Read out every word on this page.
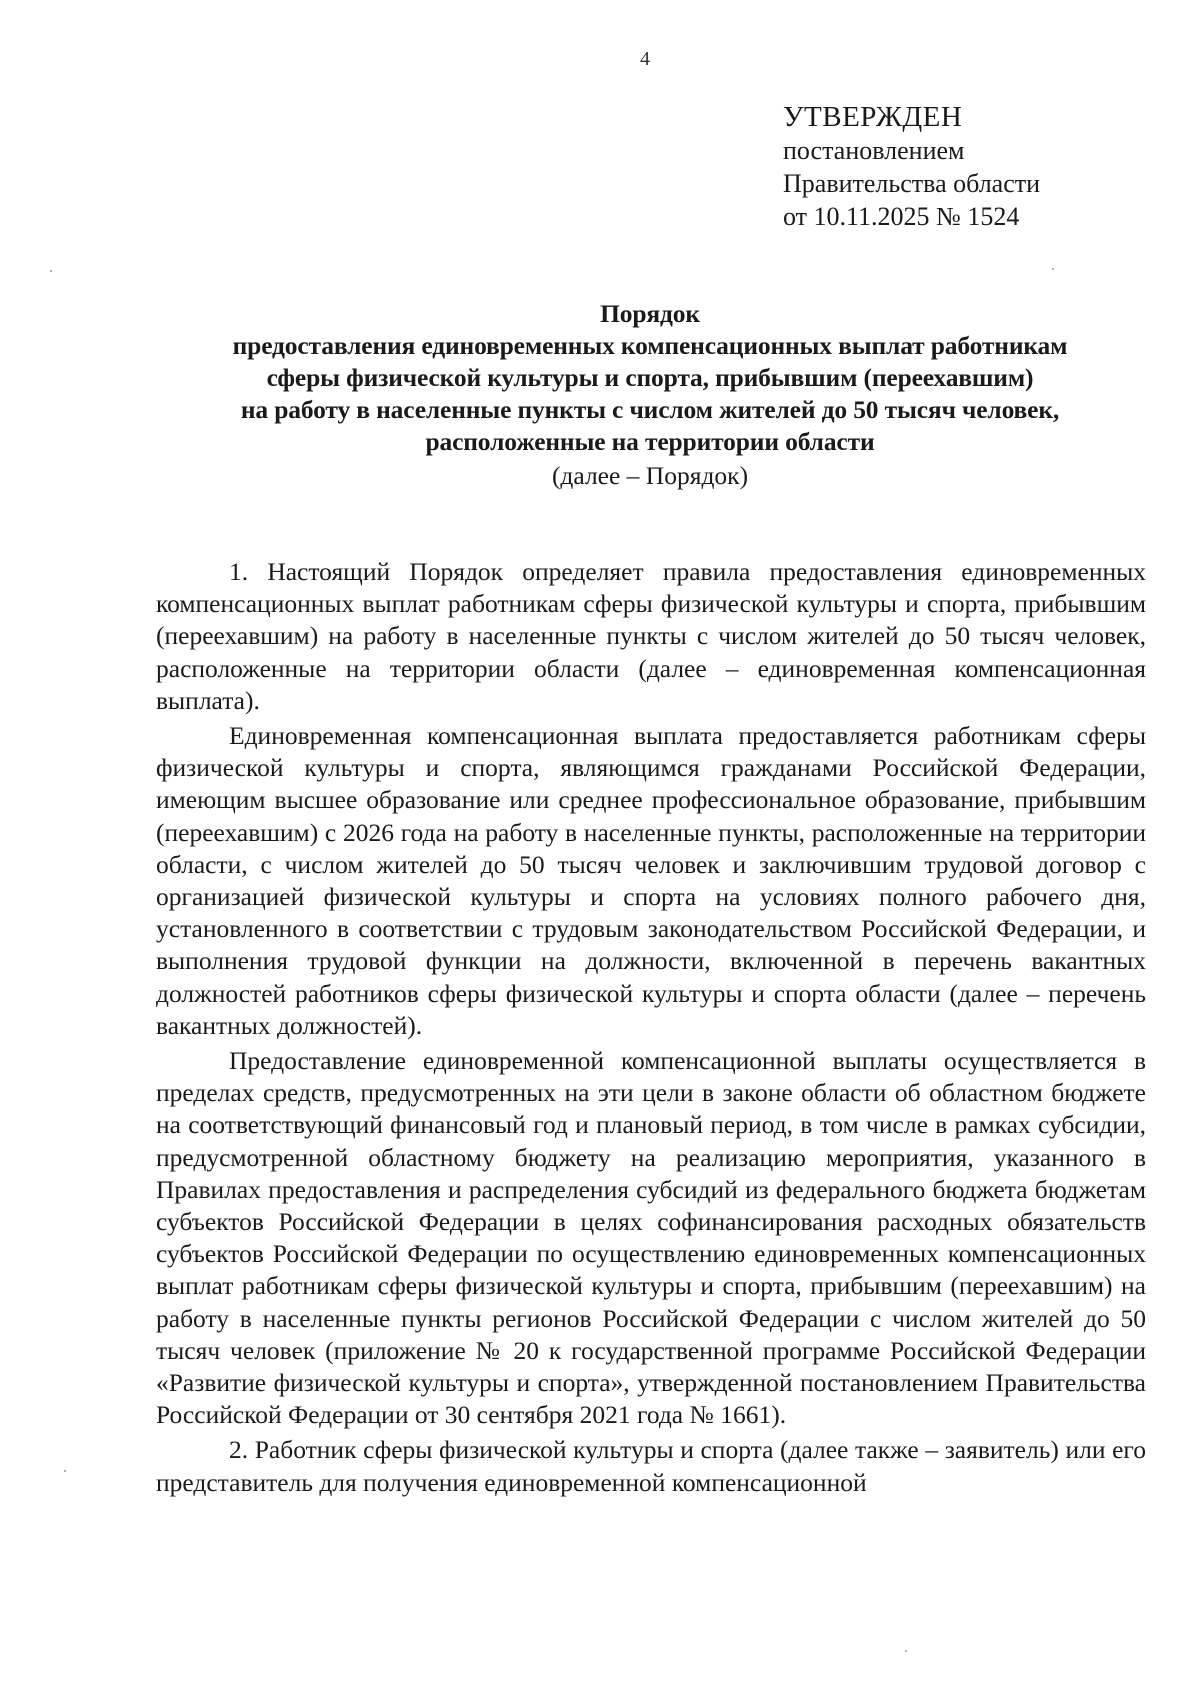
4
УТВЕРЖДЕН
постановлением
Правительства области
от 10.11.2025 № 1524
Порядок
предоставления единовременных компенсационных выплат работникам
сферы физической культуры и спорта, прибывшим (переехавшим)
на работу в населенные пункты с числом жителей до 50 тысяч человек,
расположенные на территории области
(далее – Порядок)

1. Настоящий Порядок определяет правила предоставления единовременных компенсационных выплат работникам сферы физической культуры и спорта, прибывшим (переехавшим) на работу в населенные пункты с числом жителей до 50 тысяч человек, расположенные на территории области (далее – единовременная компенсационная выплата).

Единовременная компенсационная выплата предоставляется работникам сферы физической культуры и спорта, являющимся гражданами Российской Федерации, имеющим высшее образование или среднее профессиональное образование, прибывшим (переехавшим) с 2026 года на работу в населенные пункты, расположенные на территории области, с числом жителей до 50 тысяч человек и заключившим трудовой договор с организацией физической культуры и спорта на условиях полного рабочего дня, установленного в соответствии с трудовым законодательством Российской Федерации, и выполнения трудовой функции на должности, включенной в перечень вакантных должностей работников сферы физической культуры и спорта области (далее – перечень вакантных должностей).

Предоставление единовременной компенсационной выплаты осуществляется в пределах средств, предусмотренных на эти цели в законе области об областном бюджете на соответствующий финансовый год и плановый период, в том числе в рамках субсидии, предусмотренной областному бюджету на реализацию мероприятия, указанного в Правилах предоставления и распределения субсидий из федерального бюджета бюджетам субъектов Российской Федерации в целях софинансирования расходных обязательств субъектов Российской Федерации по осуществлению единовременных компенсационных выплат работникам сферы физической культуры и спорта, прибывшим (переехавшим) на работу в населенные пункты регионов Российской Федерации с числом жителей до 50 тысяч человек (приложение № 20 к государственной программе Российской Федерации «Развитие физической культуры и спорта», утвержденной постановлением Правительства Российской Федерации от 30 сентября 2021 года № 1661).

2. Работник сферы физической культуры и спорта (далее также – заявитель) или его представитель для получения единовременной компенсационной
